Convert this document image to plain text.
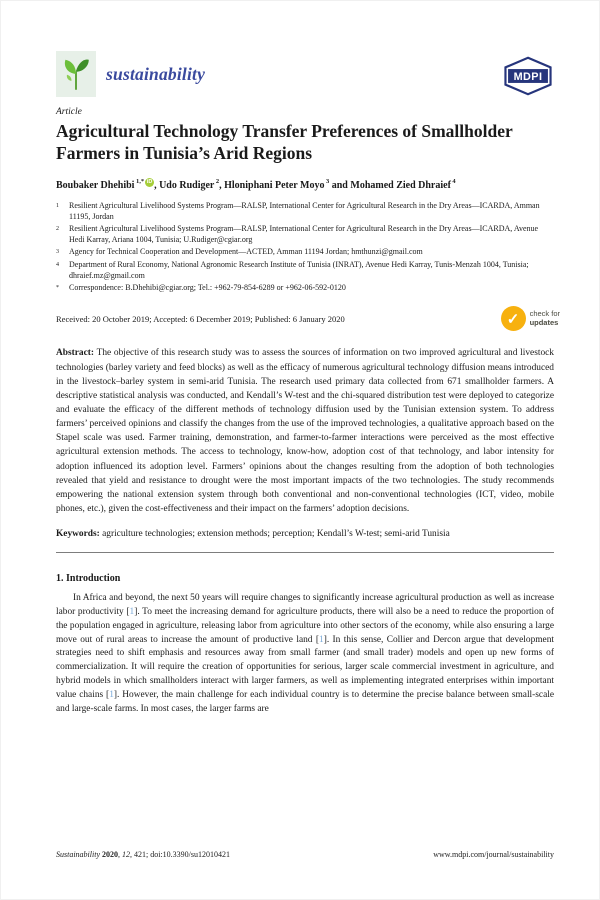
sustainability	MDPI
Article
Agricultural Technology Transfer Preferences of Smallholder Farmers in Tunisia’s Arid Regions
Boubaker Dhehibi $^{1,*}$ iD , Udo Rudiger $^2$, Hloniphani Peter Moyo $^3$ and Mohamed Zied Dhraief $^4$
1	Resilient Agricultural Livelihood Systems Program—RALSP, International Center for Agricultural Research in the Dry Areas—ICARDA, Amman 11195, Jordan
2	Resilient Agricultural Livelihood Systems Program—RALSP, International Center for Agricultural Research in the Dry Areas—ICARDA, Avenue Hedi Karray, Ariana 1004, Tunisia; U.Rudiger@cgiar.org
3	Agency for Technical Cooperation and Development—ACTED, Amman 11194 Jordan; hmthunzi@gmail.com
4	Department of Rural Economy, National Agronomic Research Institute of Tunisia (INRAT), Avenue Hedi Karray, Tunis-Menzah 1004, Tunisia; dhraief.mz@gmail.com
*	Correspondence: B.Dhehibi@cgiar.org; Tel.: +962-79-854-6289 or +962-06-592-0120
Received: 20 October 2019; Accepted: 6 December 2019; Published: 6 January 2020	✓	check for
updates

Abstract: The objective of this research study was to assess the sources of information on two improved agricultural and livestock technologies (barley variety and feed blocks) as well as the efficacy of numerous agricultural technology diffusion means introduced in the livestock–barley system in semi-arid Tunisia. The research used primary data collected from 671 smallholder farmers. A descriptive statistical analysis was conducted, and Kendall’s W-test and the chi-squared distribution test were deployed to categorize and evaluate the efficacy of the different methods of technology diffusion used by the Tunisian extension system. To address farmers’ perceived opinions and classify the changes from the use of the improved technologies, a qualitative approach based on the Stapel scale was used. Farmer training, demonstration, and farmer-to-farmer interactions were perceived as the most effective agricultural extension methods. The access to technology, know-how, adoption cost of that technology, and labor intensity for adoption influenced its adoption level. Farmers’ opinions about the changes resulting from the adoption of both technologies revealed that yield and resistance to drought were the most important impacts of the two technologies. The study recommends empowering the national extension system through both conventional and non-conventional technologies (ICT, video, mobile phones, etc.), given the cost-effectiveness and their impact on the farmers’ adoption decisions.

Keywords: agriculture technologies; extension methods; perception; Kendall’s W-test; semi-arid Tunisia

1. Introduction

In Africa and beyond, the next 50 years will require changes to significantly increase agricultural production as well as increase labor productivity [1]. To meet the increasing demand for agriculture products, there will also be a need to reduce the proportion of the population engaged in agriculture, releasing labor from agriculture into other sectors of the economy, while also ensuring a large move out of rural areas to increase the amount of productive land [1]. In this sense, Collier and Dercon argue that development strategies need to shift emphasis and resources away from small farmer (and small trader) models and open up new forms of commercialization. It will require the creation of opportunities for serious, larger scale commercial investment in agriculture, and hybrid models in which smallholders interact with larger farmers, as well as implementing integrated enterprises within important value chains [1]. However, the main challenge for each individual country is to determine the precise balance between small-scale and large-scale farms. In most cases, the larger farms are

Sustainability 2020, 12, 421; doi:10.3390/su12010421	www.mdpi.com/journal/sustainability
